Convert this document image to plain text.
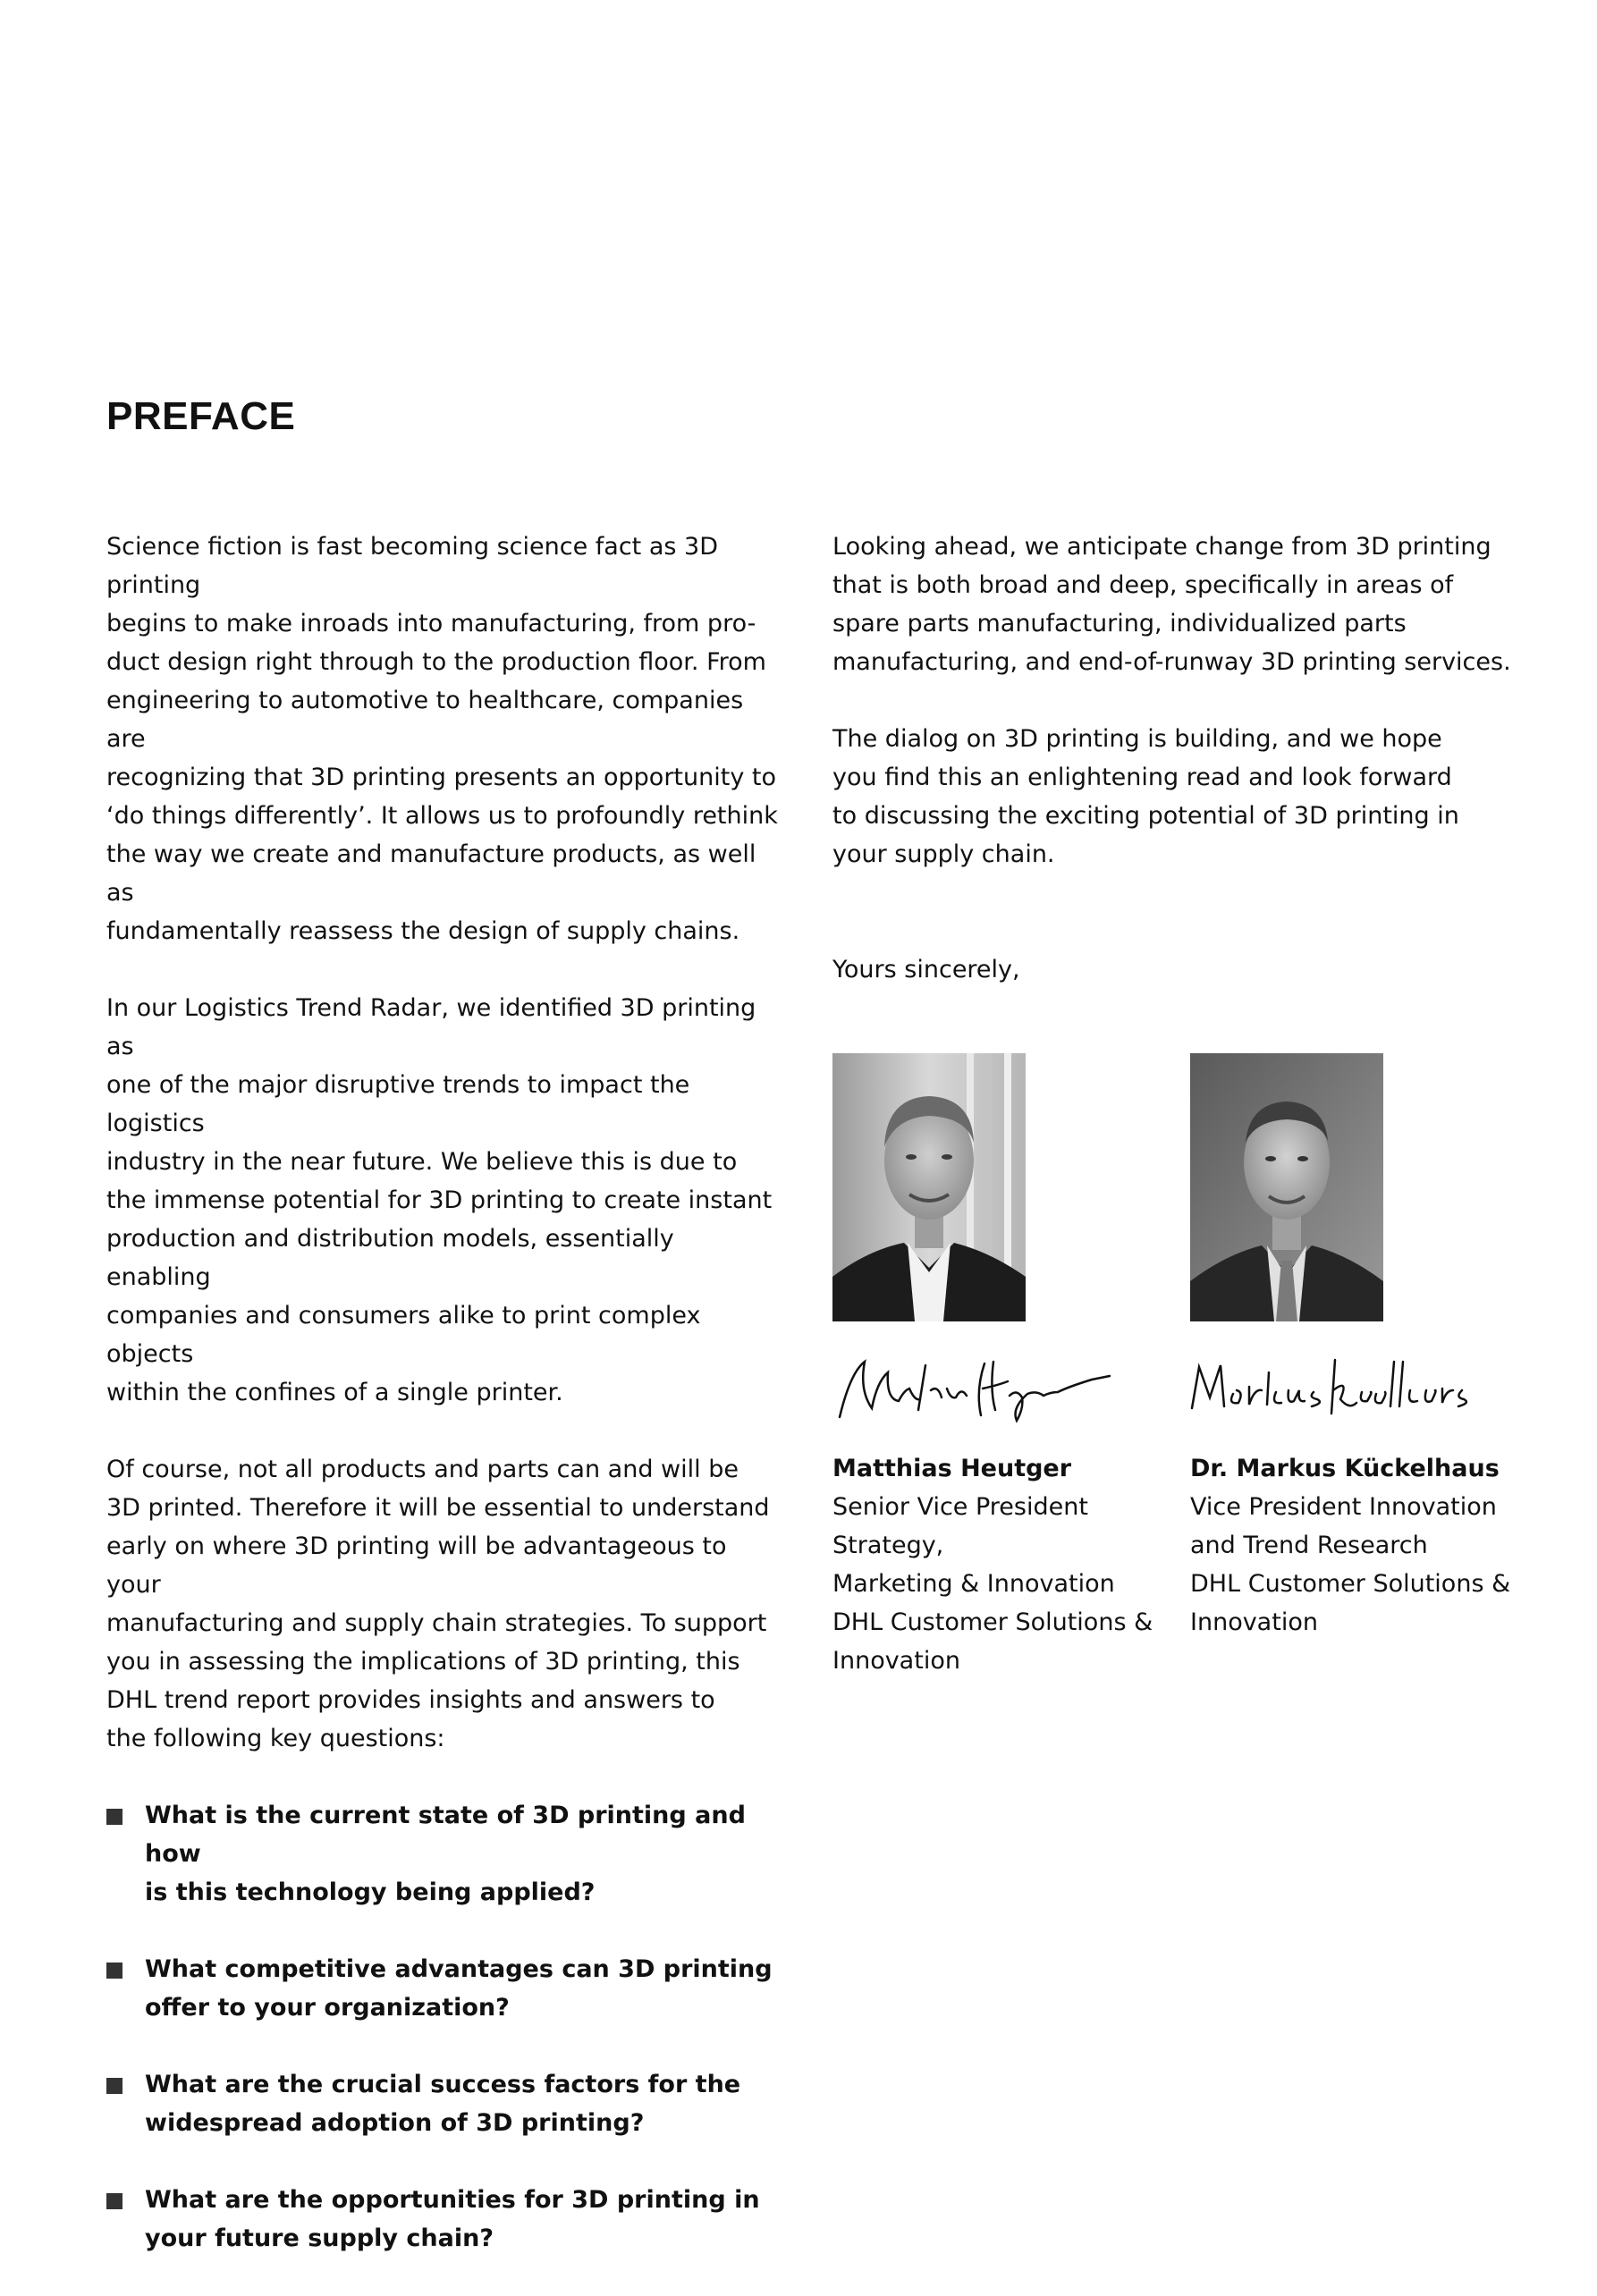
PREFACE

Science fiction is fast becoming science fact as 3D printing
begins to make inroads into manufacturing, from pro-
duct design right through to the production floor. From
engineering to automotive to healthcare, companies are
recognizing that 3D printing presents an opportunity to
‘do things differently’. It allows us to profoundly rethink
the way we create and manufacture products, as well as
fundamentally reassess the design of supply chains.

In our Logistics Trend Radar, we identified 3D printing as
one of the major disruptive trends to impact the logistics
industry in the near future. We believe this is due to
the immense potential for 3D printing to create instant
production and distribution models, essentially enabling
companies and consumers alike to print complex objects
within the confines of a single printer.

Of course, not all products and parts can and will be
3D printed. Therefore it will be essential to understand
early on where 3D printing will be advantageous to your
manufacturing and supply chain strategies. To support
you in assessing the implications of 3D printing, this
DHL trend report provides insights and answers to
the following key questions:

What is the current state of 3D printing and how
is this technology being applied?
What competitive advantages can 3D printing
offer to your organization?
What are the crucial success factors for the
widespread adoption of 3D printing?
What are the opportunities for 3D printing in
your future supply chain?

Looking ahead, we anticipate change from 3D printing
that is both broad and deep, specifically in areas of
spare parts manufacturing, individualized parts
manufacturing, and end-of-runway 3D printing services.

The dialog on 3D printing is building, and we hope
you find this an enlightening read and look forward
to discussing the exciting potential of 3D printing in
your supply chain.

Yours sincerely,

Matthias Heutger
Senior Vice President Strategy,
Marketing & Innovation
DHL Customer Solutions &
Innovation
Dr. Markus Kückelhaus
Vice President Innovation
and Trend Research
DHL Customer Solutions &
Innovation
